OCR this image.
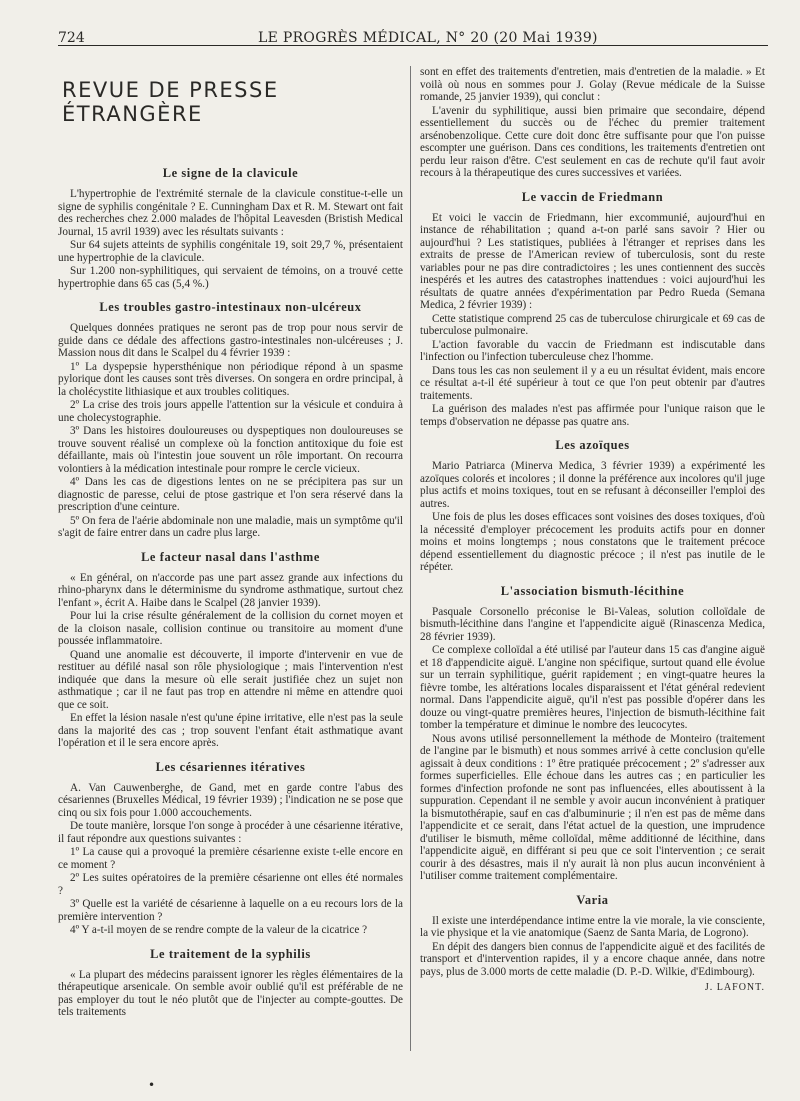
724	LE PROGRÈS MÉDICAL, N° 20 (20 Mai 1939)
REVUE DE PRESSE ÉTRANGÈRE
Le signe de la clavicule

L'hypertrophie de l'extrémité sternale de la clavicule constitue-t-elle un signe de syphilis congénitale ? E. Cunningham Dax et R. M. Stewart ont fait des recherches chez 2.000 malades de l'hôpital Leavesden (Bristish Medical Journal, 15 avril 1939) avec les résultats suivants :

Sur 64 sujets atteints de syphilis congénitale 19, soit 29,7 %, présentaient une hypertrophie de la clavicule.

Sur 1.200 non-syphilitiques, qui servaient de témoins, on a trouvé cette hypertrophie dans 65 cas (5,4 %.)

Les troubles gastro-intestinaux non-ulcéreux

Quelques données pratiques ne seront pas de trop pour nous servir de guide dans ce dédale des affections gastro-intestinales non-ulcéreuses ; J. Massion nous dit dans le Scalpel du 4 février 1939 :

1º La dyspepsie hypersthénique non périodique répond à un spasme pylorique dont les causes sont très diverses. On songera en ordre principal, à la cholécystite lithiasique et aux troubles colitiques.

2º La crise des trois jours appelle l'attention sur la vésicule et conduira à une cholecystographie.

3º Dans les histoires douloureuses ou dyspeptiques non douloureuses se trouve souvent réalisé un complexe où la fonction antitoxique du foie est défaillante, mais où l'intestin joue souvent un rôle important. On recourra volontiers à la médication intestinale pour rompre le cercle vicieux.

4º Dans les cas de digestions lentes on ne se précipitera pas sur un diagnostic de paresse, celui de ptose gastrique et l'on sera réservé dans la prescription d'une ceinture.

5º On fera de l'aérie abdominale non une maladie, mais un symptôme qu'il s'agit de faire entrer dans un cadre plus large.

Le facteur nasal dans l'asthme

« En général, on n'accorde pas une part assez grande aux infections du rhino-pharynx dans le déterminisme du syndrome asthmatique, surtout chez l'enfant », écrit A. Haibe dans le Scalpel (28 janvier 1939).

Pour lui la crise résulte généralement de la collision du cornet moyen et de la cloison nasale, collision continue ou transitoire au moment d'une poussée inflammatoire.

Quand une anomalie est découverte, il importe d'intervenir en vue de restituer au défilé nasal son rôle physiologique ; mais l'intervention n'est indiquée que dans la mesure où elle serait justifiée chez un sujet non asthmatique ; car il ne faut pas trop en attendre ni même en attendre quoi que ce soit.

En effet la lésion nasale n'est qu'une épine irritative, elle n'est pas la seule dans la majorité des cas ; trop souvent l'enfant était asthmatique avant l'opération et il le sera encore après.

Les césariennes itératives

A. Van Cauwenberghe, de Gand, met en garde contre l'abus des césariennes (Bruxelles Médical, 19 février 1939) ; l'indication ne se pose que cinq ou six fois pour 1.000 accouchements.

De toute manière, lorsque l'on songe à procéder à une césarienne itérative, il faut répondre aux questions suivantes :

1º La cause qui a provoqué la première césarienne existe t-elle encore en ce moment ?

2º Les suites opératoires de la première césarienne ont elles été normales ?

3º Quelle est la variété de césarienne à laquelle on a eu recours lors de la première intervention ?

4º Y a-t-il moyen de se rendre compte de la valeur de la cicatrice ?

Le traitement de la syphilis

« La plupart des médecins paraissent ignorer les règles élémentaires de la thérapeutique arsenicale. On semble avoir oublié qu'il est préférable de ne pas employer du tout le néo plutôt que de l'injecter au compte-gouttes. De tels traitements

sont en effet des traitements d'entretien, mais d'entretien de la maladie. » Et voilà où nous en sommes pour J. Golay (Revue médicale de la Suisse romande, 25 janvier 1939), qui conclut :

L'avenir du syphilitique, aussi bien primaire que secondaire, dépend essentiellement du succès ou de l'échec du premier traitement arsénobenzolique. Cette cure doit donc être suffisante pour que l'on puisse escompter une guérison. Dans ces conditions, les traitements d'entretien ont perdu leur raison d'être. C'est seulement en cas de rechute qu'il faut avoir recours à la thérapeutique des cures successives et variées.

Le vaccin de Friedmann

Et voici le vaccin de Friedmann, hier excommunié, aujourd'hui en instance de réhabilitation ; quand a-t-on parlé sans savoir ? Hier ou aujourd'hui ? Les statistiques, publiées à l'étranger et reprises dans les extraits de presse de l'American review of tuberculosis, sont du reste variables pour ne pas dire contradictoires ; les unes contiennent des succès inespérés et les autres des catastrophes inattendues : voici aujourd'hui les résultats de quatre années d'expérimentation par Pedro Rueda (Semana Medica, 2 février 1939) :

Cette statistique comprend 25 cas de tuberculose chirurgicale et 69 cas de tuberculose pulmonaire.

L'action favorable du vaccin de Friedmann est indiscutable dans l'infection ou l'infection tuberculeuse chez l'homme.

Dans tous les cas non seulement il y a eu un résultat évident, mais encore ce résultat a-t-il été supérieur à tout ce que l'on peut obtenir par d'autres traitements.

La guérison des malades n'est pas affirmée pour l'unique raison que le temps d'observation ne dépasse pas quatre ans.

Les azoïques

Mario Patriarca (Minerva Medica, 3 février 1939) a expérimenté les azoïques colorés et incolores ; il donne la préférence aux incolores qu'il juge plus actifs et moins toxiques, tout en se refusant à déconseiller l'emploi des autres.

Une fois de plus les doses efficaces sont voisines des doses toxiques, d'où la nécessité d'employer précocement les produits actifs pour en donner moins et moins longtemps ; nous constatons que le traitement précoce dépend essentiellement du diagnostic précoce ; il n'est pas inutile de le répéter.

L'association bismuth-lécithine

Pasquale Corsonello préconise le Bi-Valeas, solution colloïdale de bismuth-lécithine dans l'angine et l'appendicite aiguë (Rinascenza Medica, 28 février 1939).

Ce complexe colloïdal a été utilisé par l'auteur dans 15 cas d'angine aiguë et 18 d'appendicite aiguë. L'angine non spécifique, surtout quand elle évolue sur un terrain syphilitique, guérit rapidement ; en vingt-quatre heures la fièvre tombe, les altérations locales disparaissent et l'état général redevient normal. Dans l'appendicite aiguë, qu'il n'est pas possible d'opérer dans les douze ou vingt-quatre premières heures, l'injection de bismuth-lécithine fait tomber la température et diminue le nombre des leucocytes.

Nous avons utilisé personnellement la méthode de Monteiro (traitement de l'angine par le bismuth) et nous sommes arrivé à cette conclusion qu'elle agissait à deux conditions : 1º être pratiquée précocement ; 2º s'adresser aux formes superficielles. Elle échoue dans les autres cas ; en particulier les formes d'infection profonde ne sont pas influencées, elles aboutissent à la suppuration. Cependant il ne semble y avoir aucun inconvénient à pratiquer la bismutothérapie, sauf en cas d'albuminurie ; il n'en est pas de même dans l'appendicite et ce serait, dans l'état actuel de la question, une imprudence d'utiliser le bismuth, même colloïdal, même additionné de lécithine, dans l'appendicite aiguë, en différant si peu que ce soit l'intervention ; ce serait courir à des désastres, mais il n'y aurait là non plus aucun inconvénient à l'utiliser comme traitement complémentaire.

Varia

Il existe une interdépendance intime entre la vie morale, la vie consciente, la vie physique et la vie anatomique (Saenz de Santa Maria, de Logrono).

En dépit des dangers bien connus de l'appendicite aiguë et des facilités de transport et d'intervention rapides, il y a encore chaque année, dans notre pays, plus de 3.000 morts de cette maladie (D. P.-D. Wilkie, d'Edimbourg).

J. LAFONT.
•
